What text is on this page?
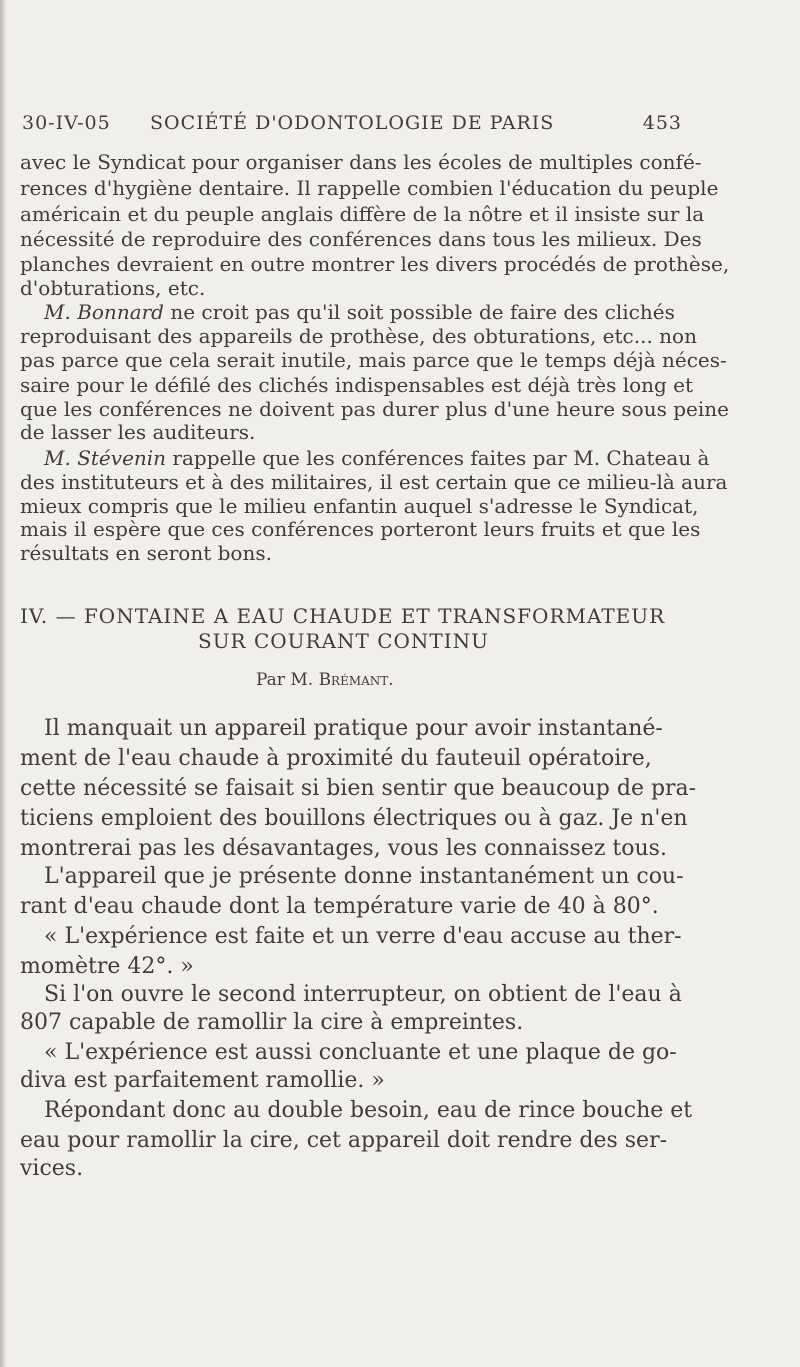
30-IV-05 SOCIÉTÉ D'ODONTOLOGIE DE PARIS	453
avec le Syndicat pour organiser dans les écoles de multiples confé-
rences d'hygiène dentaire. Il rappelle combien l'éducation du peuple
américain et du peuple anglais diffère de la nôtre et il insiste sur la
nécessité de reproduire des conférences dans tous les milieux. Des
planches devraient en outre montrer les divers procédés de prothèse,
d'obturations, etc.
M. Bonnard ne croit pas qu'il soit possible de faire des clichés
reproduisant des appareils de prothèse, des obturations, etc... non
pas parce que cela serait inutile, mais parce que le temps déjà néces-
saire pour le défilé des clichés indispensables est déjà très long et
que les conférences ne doivent pas durer plus d'une heure sous peine
de lasser les auditeurs.
M. Stévenin rappelle que les conférences faites par M. Chateau à
des instituteurs et à des militaires, il est certain que ce milieu-là aura
mieux compris que le milieu enfantin auquel s'adresse le Syndicat,
mais il espère que ces conférences porteront leurs fruits et que les
résultats en seront bons.
IV. — FONTAINE A EAU CHAUDE ET TRANSFORMATEUR
SUR COURANT CONTINU
Par M. Brémant.
Il manquait un appareil pratique pour avoir instantané-
ment de l'eau chaude à proximité du fauteuil opératoire,
cette nécessité se faisait si bien sentir que beaucoup de pra-
ticiens emploient des bouillons électriques ou à gaz. Je n'en
montrerai pas les désavantages, vous les connaissez tous.
L'appareil que je présente donne instantanément un cou-
rant d'eau chaude dont la température varie de 40 à 80°.
« L'expérience est faite et un verre d'eau accuse au ther-
momètre 42°. »
Si l'on ouvre le second interrupteur, on obtient de l'eau à
807 capable de ramollir la cire à empreintes.
« L'expérience est aussi concluante et une plaque de go-
diva est parfaitement ramollie. »
Répondant donc au double besoin, eau de rince bouche et
eau pour ramollir la cire, cet appareil doit rendre des ser-
vices.
